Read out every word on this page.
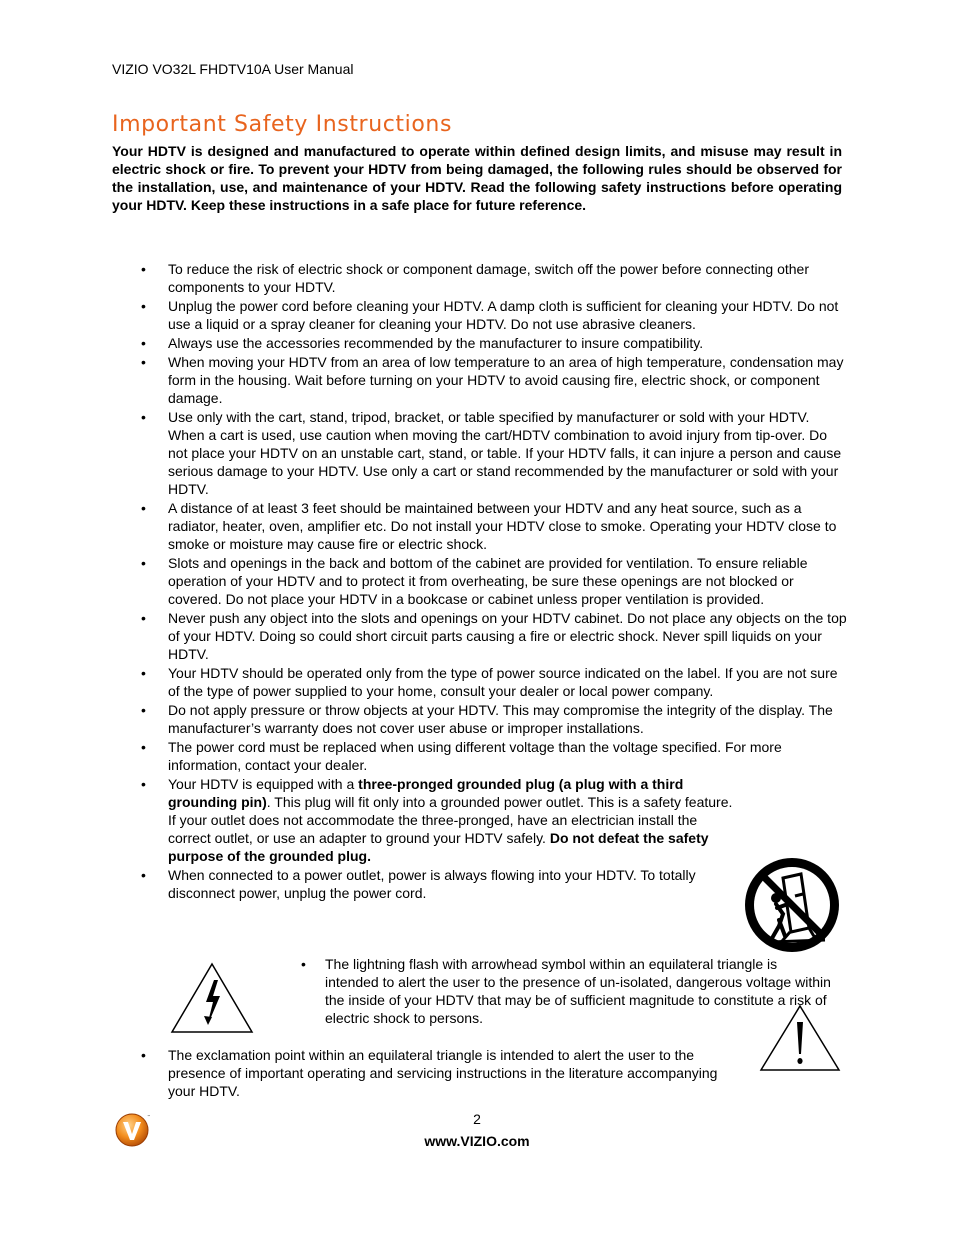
VIZIO VO32L FHDTV10A User Manual
Important Safety Instructions

Your HDTV is designed and manufactured to operate within defined design limits, and misuse may result in electric shock or fire. To prevent your HDTV from being damaged, the following rules should be observed for the installation, use, and maintenance of your HDTV. Read the following safety instructions before operating your HDTV. Keep these instructions in a safe place for future reference.

• To reduce the risk of electric shock or component damage, switch off the power before connecting other components to your HDTV.
• Unplug the power cord before cleaning your HDTV. A damp cloth is sufficient for cleaning your HDTV. Do not use a liquid or a spray cleaner for cleaning your HDTV. Do not use abrasive cleaners.
• Always use the accessories recommended by the manufacturer to insure compatibility.
• When moving your HDTV from an area of low temperature to an area of high temperature, condensation may form in the housing. Wait before turning on your HDTV to avoid causing fire, electric shock, or component damage.
• Use only with the cart, stand, tripod, bracket, or table specified by manufacturer or sold with your HDTV. When a cart is used, use caution when moving the cart/HDTV combination to avoid injury from tip-over. Do not place your HDTV on an unstable cart, stand, or table. If your HDTV falls, it can injure a person and cause serious damage to your HDTV. Use only a cart or stand recommended by the manufacturer or sold with your HDTV.
• A distance of at least 3 feet should be maintained between your HDTV and any heat source, such as a radiator, heater, oven, amplifier etc. Do not install your HDTV close to smoke. Operating your HDTV close to smoke or moisture may cause fire or electric shock.
• Slots and openings in the back and bottom of the cabinet are provided for ventilation. To ensure reliable operation of your HDTV and to protect it from overheating, be sure these openings are not blocked or covered. Do not place your HDTV in a bookcase or cabinet unless proper ventilation is provided.
• Never push any object into the slots and openings on your HDTV cabinet. Do not place any objects on the top of your HDTV. Doing so could short circuit parts causing a fire or electric shock. Never spill liquids on your HDTV.
• Your HDTV should be operated only from the type of power source indicated on the label. If you are not sure of the type of power supplied to your home, consult your dealer or local power company.
• Do not apply pressure or throw objects at your HDTV. This may compromise the integrity of the display. The manufacturer’s warranty does not cover user abuse or improper installations.
• The power cord must be replaced when using different voltage than the voltage specified. For more information, contact your dealer.
• Your HDTV is equipped with a three-pronged grounded plug (a plug with a third grounding pin). This plug will fit only into a grounded power outlet. This is a safety feature. If your outlet does not accommodate the three-pronged, have an electrician install the correct outlet, or use an adapter to ground your HDTV safely. Do not defeat the safety purpose of the grounded plug.
• When connected to a power outlet, power is always flowing into your HDTV. To totally disconnect power, unplug the power cord.
• The lightning flash with arrowhead symbol within an equilateral triangle is intended to alert the user to the presence of un-isolated, dangerous voltage within the inside of your HDTV that may be of sufficient magnitude to constitute a risk of electric shock to persons.
• The exclamation point within an equilateral triangle is intended to alert the user to the presence of important operating and servicing instructions in the literature accompanying your HDTV.
™	2
www.VIZIO.com
